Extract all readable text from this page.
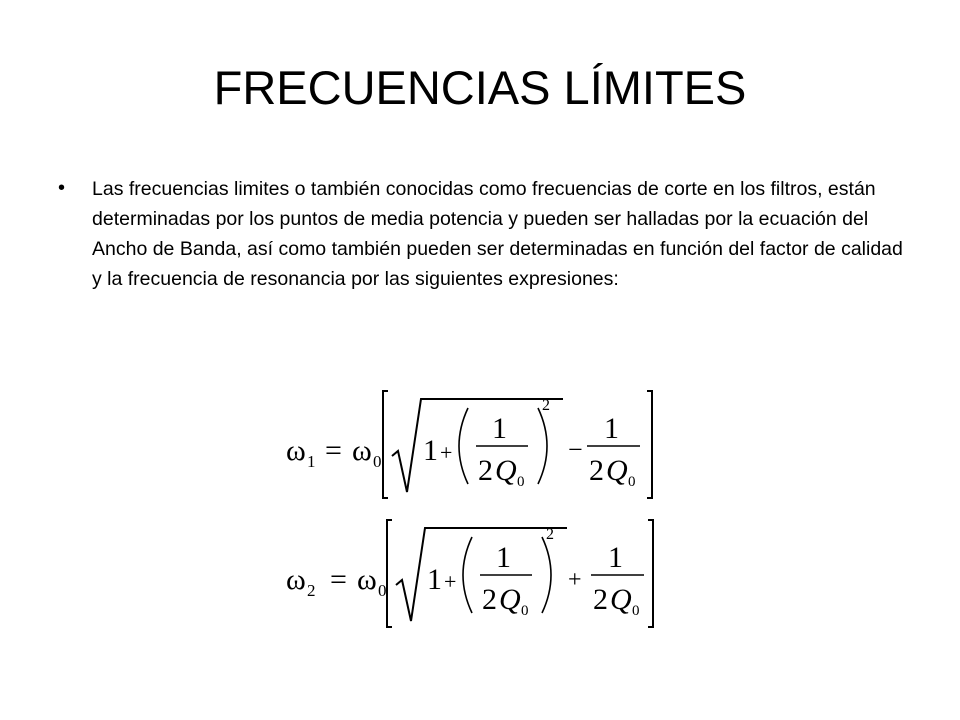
FRECUENCIAS LÍMITES
• Las frecuencias limites o también conocidas como frecuencias de corte en los filtros, están determinadas por los puntos de media potencia y pueden ser halladas por la ecuación del Ancho de Banda, así como también pueden ser determinadas en función del factor de calidad y la frecuencia de resonancia por las siguientes expresiones:
ω 1 = ω 0 1 +
1
2 Q 0
2
−
1
2 Q 0
ω 2 = ω 0 1 +
1
2 Q 0
2
+
1
2 Q 0
